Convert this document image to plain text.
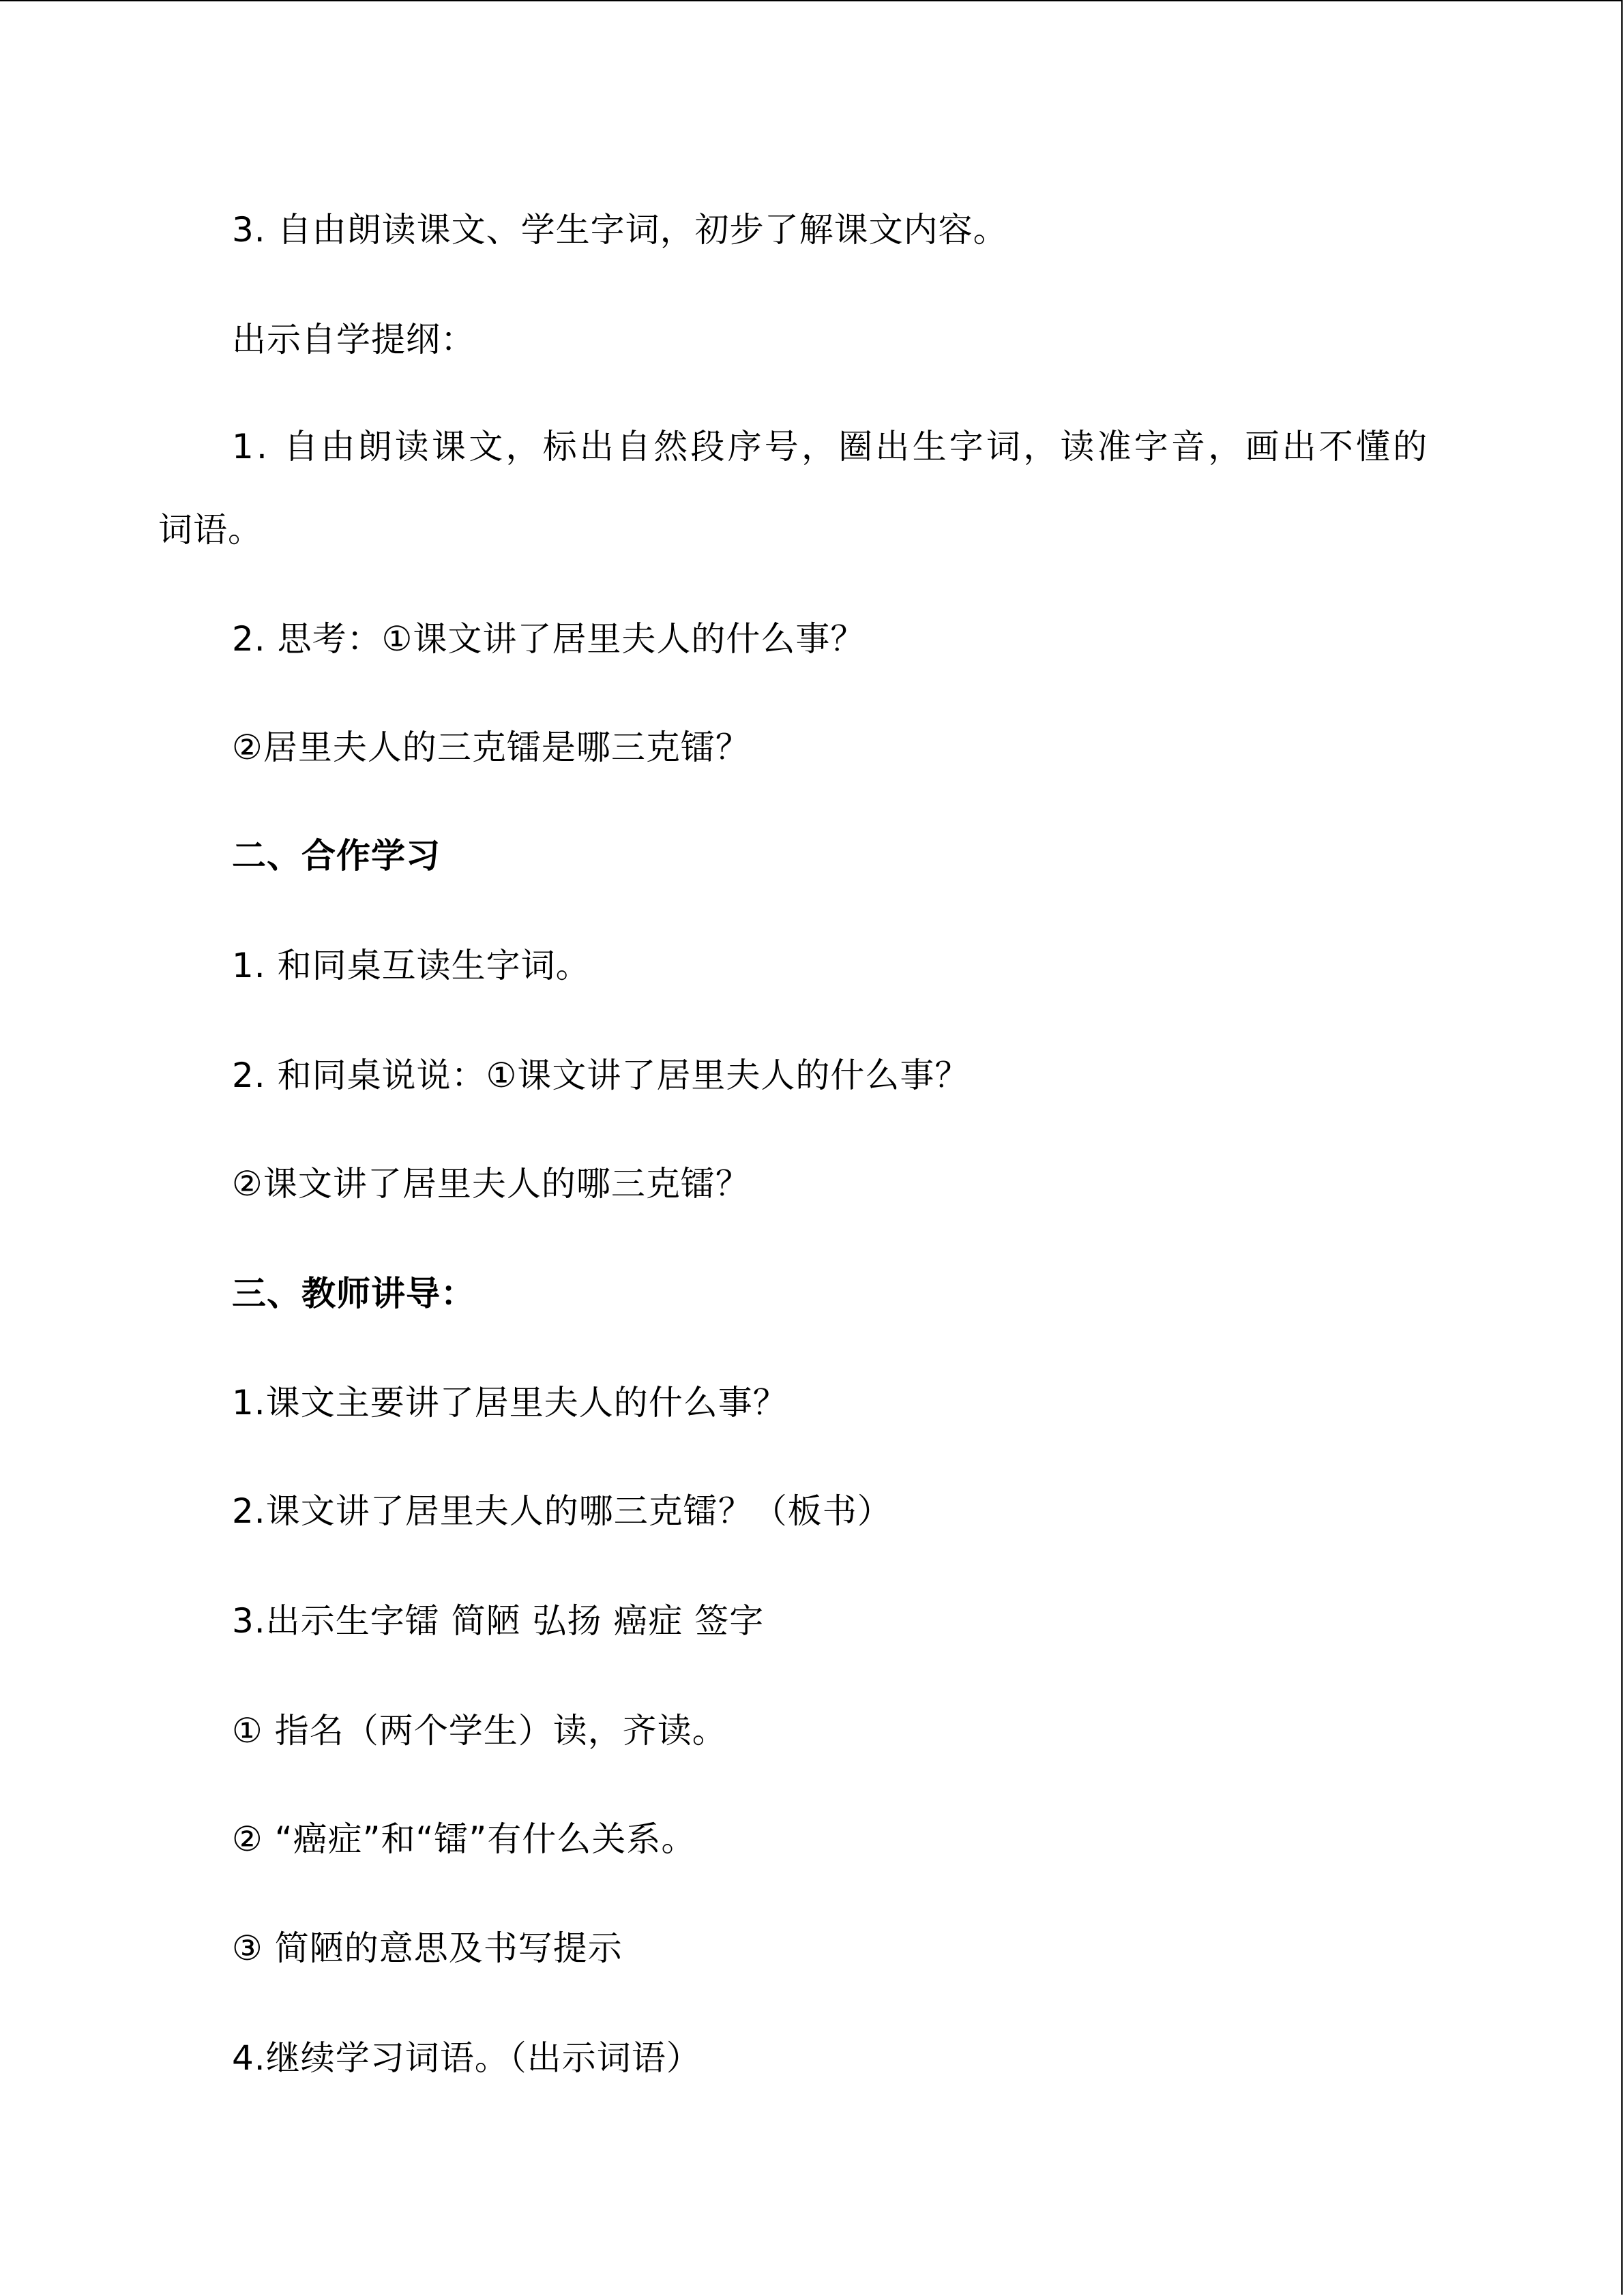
3. 自由朗读课文、学生字词，初步了解课文内容。
出示自学提纲：
1. 自由朗读课文，标出自然段序号，圈出生字词，读准字音，画出不懂的
词语。
2. 思考：①课文讲了居里夫人的什么事？
②居里夫人的三克镭是哪三克镭？
二、合作学习
1. 和同桌互读生字词。
2. 和同桌说说：①课文讲了居里夫人的什么事？
②课文讲了居里夫人的哪三克镭？
三、教师讲导：
1.课文主要讲了居里夫人的什么事？
2.课文讲了居里夫人的哪三克镭？（板书）
3.出示生字镭 简陋 弘扬 癌症 签字
① 指名（两个学生）读，齐读。
② “癌症”和“镭”有什么关系。
③ 简陋的意思及书写提示
4.继续学习词语。（出示词语）
